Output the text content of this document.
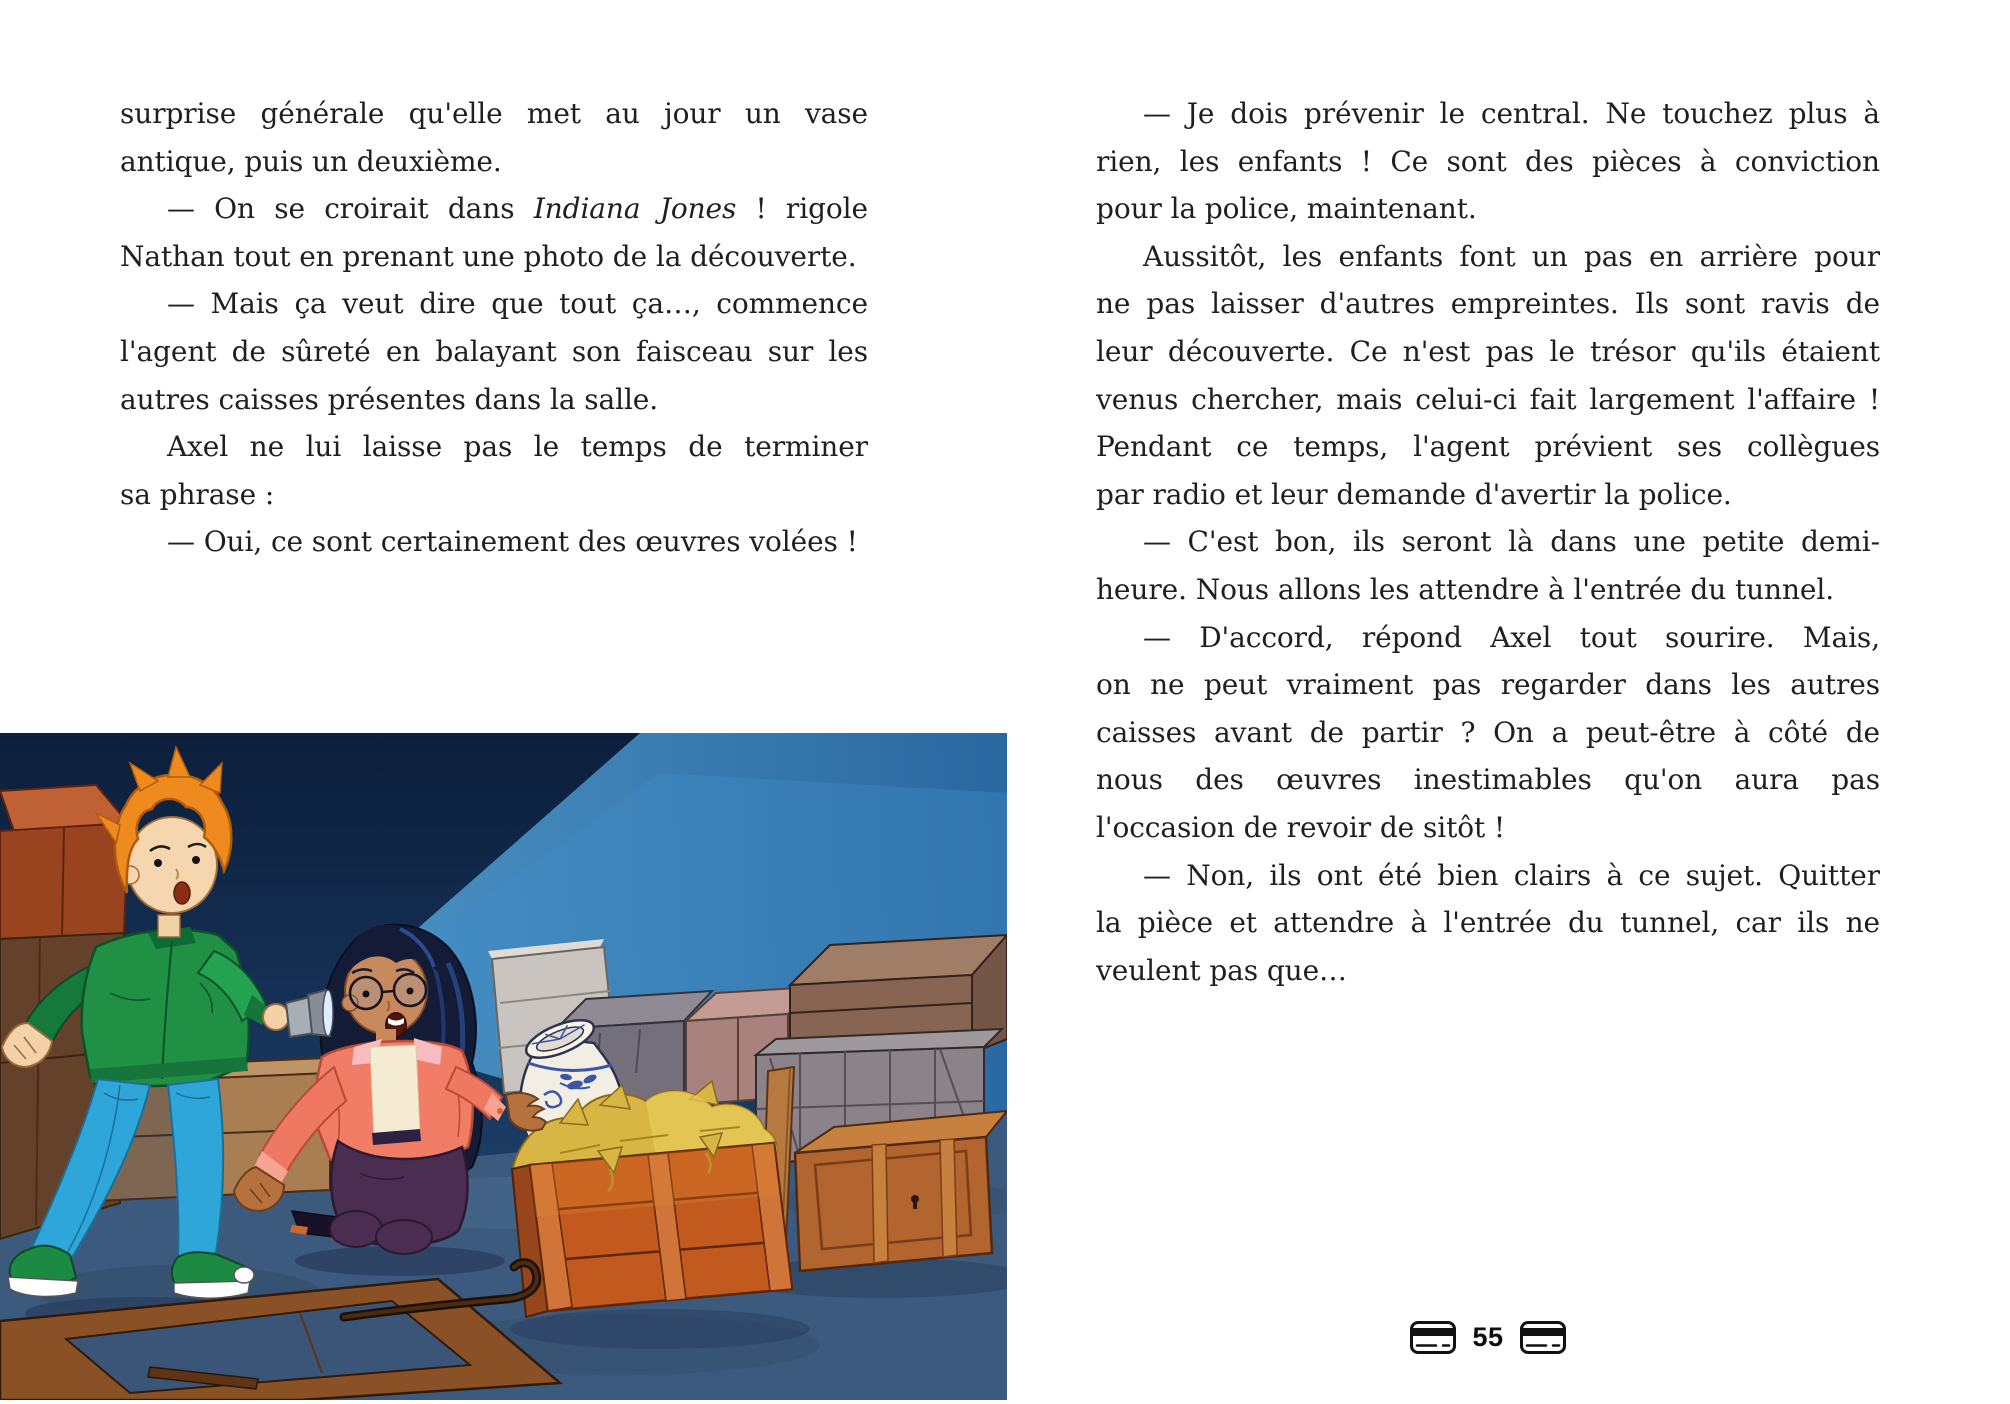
surprise générale qu'elle met au jour un vase
antique, puis un deuxième.
— On se croirait dans Indiana Jones ! rigole
Nathan tout en prenant une photo de la découverte.
— Mais ça veut dire que tout ça…, commence
l'agent de sûreté en balayant son faisceau sur les
autres caisses présentes dans la salle.
Axel ne lui laisse pas le temps de terminer
sa phrase :
— Oui, ce sont certainement des œuvres volées !
— Je dois prévenir le central. Ne touchez plus à
rien, les enfants ! Ce sont des pièces à conviction
pour la police, maintenant.
Aussitôt, les enfants font un pas en arrière pour
ne pas laisser d'autres empreintes. Ils sont ravis de
leur découverte. Ce n'est pas le trésor qu'ils étaient
venus chercher, mais celui-ci fait largement l'affaire !
Pendant ce temps, l'agent prévient ses collègues
par radio et leur demande d'avertir la police.
— C'est bon, ils seront là dans une petite demi-
heure. Nous allons les attendre à l'entrée du tunnel.
— D'accord, répond Axel tout sourire. Mais,
on ne peut vraiment pas regarder dans les autres
caisses avant de partir ? On a peut-être à côté de
nous des œuvres inestimables qu'on aura pas
l'occasion de revoir de sitôt !
— Non, ils ont été bien clairs à ce sujet. Quitter
la pièce et attendre à l'entrée du tunnel, car ils ne
veulent pas que…
55
